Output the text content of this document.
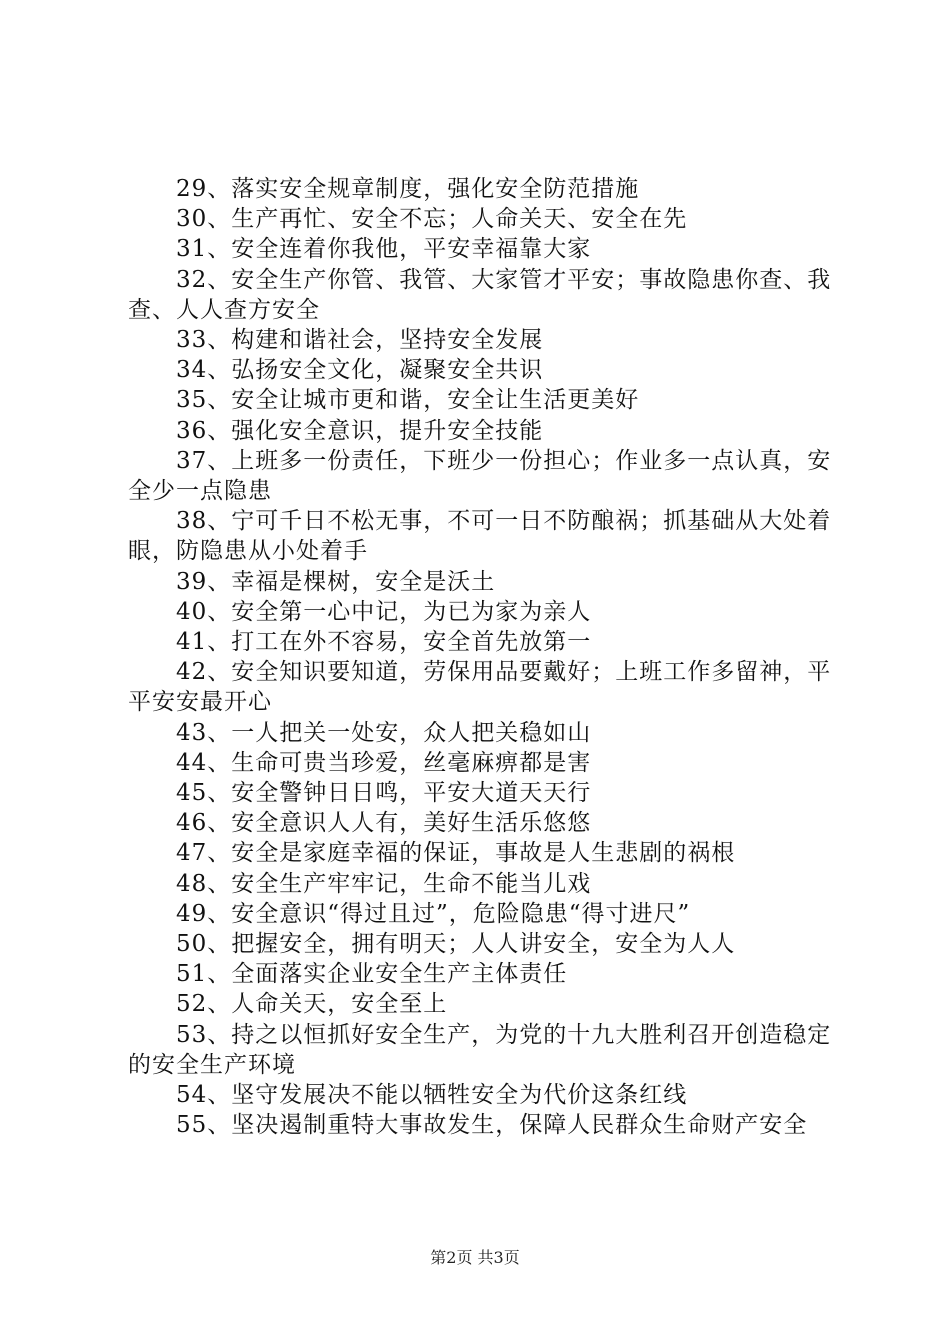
29、落实安全规章制度，强化安全防范措施

30、生产再忙、安全不忘；人命关天、安全在先

31、安全连着你我他，平安幸福靠大家

32、安全生产你管、我管、大家管才平安；事故隐患你查、我查、人人查方安全

33、构建和谐社会，坚持安全发展

34、弘扬安全文化，凝聚安全共识

35、安全让城市更和谐，安全让生活更美好

36、强化安全意识，提升安全技能

37、上班多一份责任，下班少一份担心；作业多一点认真，安全少一点隐患

38、宁可千日不松无事，不可一日不防酿祸；抓基础从大处着眼，防隐患从小处着手

39、幸福是棵树，安全是沃土

40、安全第一心中记，为已为家为亲人

41、打工在外不容易，安全首先放第一

42、安全知识要知道，劳保用品要戴好；上班工作多留神，平平安安最开心

43、一人把关一处安，众人把关稳如山

44、生命可贵当珍爱，丝毫麻痹都是害

45、安全警钟日日鸣，平安大道天天行

46、安全意识人人有，美好生活乐悠悠

47、安全是家庭幸福的保证，事故是人生悲剧的祸根

48、安全生产牢牢记，生命不能当儿戏

49、安全意识“得过且过”，危险隐患“得寸进尺”

50、把握安全，拥有明天；人人讲安全，安全为人人

51、全面落实企业安全生产主体责任

52、人命关天，安全至上

53、持之以恒抓好安全生产，为党的十九大胜利召开创造稳定的安全生产环境

54、坚守发展决不能以牺牲安全为代价这条红线

55、坚决遏制重特大事故发生，保障人民群众生命财产安全

第2页 共3页
